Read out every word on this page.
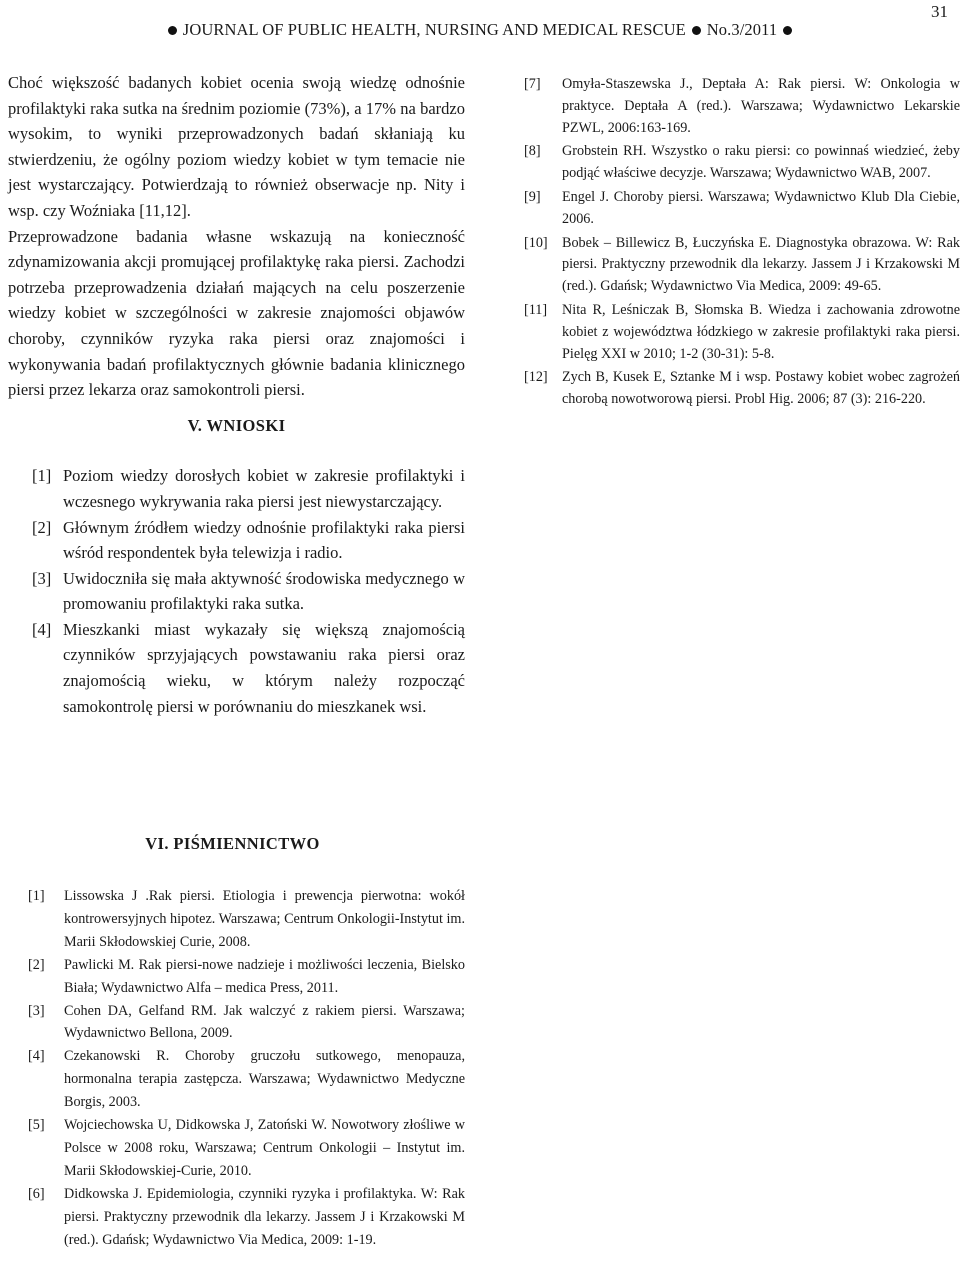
31
JOURNAL OF PUBLIC HEALTH, NURSING AND MEDICAL RESCUE No.3/2011

Choć większość badanych kobiet ocenia swoją wiedzę odnośnie profilaktyki raka sutka na średnim poziomie (73%), a 17% na bardzo wysokim, to wyniki przeprowadzonych badań skłaniają ku stwierdzeniu, że ogólny poziom wiedzy kobiet w tym temacie nie jest wystarczający. Potwierdzają to również obserwacje np. Nity i wsp. czy Woźniaka [11,12].

Przeprowadzone badania własne wskazują na konieczność zdynamizowania akcji promującej profilaktykę raka piersi. Zachodzi potrzeba przeprowadzenia działań mających na celu poszerzenie wiedzy kobiet w szczególności w zakresie znajomości objawów choroby, czynników ryzyka raka piersi oraz znajomości i wykonywania badań profilaktycznych głównie badania klinicznego piersi przez lekarza oraz samokontroli piersi.

V. WNIOSKI
[1] Poziom wiedzy dorosłych kobiet w zakresie profilaktyki i wczesnego wykrywania raka piersi jest niewystarczający.
[2] Głównym źródłem wiedzy odnośnie profilaktyki raka piersi wśród respondentek była telewizja i radio.
[3] Uwidoczniła się mała aktywność środowiska medycznego w promowaniu profilaktyki raka sutka.
[4] Mieszkanki miast wykazały się większą znajomością czynników sprzyjających powstawaniu raka piersi oraz znajomością wieku, w którym należy rozpocząć samokontrolę piersi w porównaniu do mieszkanek wsi.
VI. PIŚMIENNICTWO
[1] Lissowska J .Rak piersi. Etiologia i prewencja pierwotna: wokół kontrowersyjnych hipotez. Warszawa; Centrum Onkologii-Instytut im. Marii Skłodowskiej Curie, 2008.
[2] Pawlicki M. Rak piersi-nowe nadzieje i możliwości leczenia, Bielsko Biała; Wydawnictwo Alfa – medica Press, 2011.
[3] Cohen DA, Gelfand RM. Jak walczyć z rakiem piersi. Warszawa; Wydawnictwo Bellona, 2009.
[4] Czekanowski R. Choroby gruczołu sutkowego, menopauza, hormonalna terapia zastępcza. Warszawa; Wydawnictwo Medyczne Borgis, 2003.
[5] Wojciechowska U, Didkowska J, Zatoński W. Nowotwory złośliwe w Polsce w 2008 roku, Warszawa; Centrum Onkologii – Instytut im. Marii Skłodowskiej-Curie, 2010.
[6] Didkowska J. Epidemiologia, czynniki ryzyka i profilaktyka. W: Rak piersi. Praktyczny przewodnik dla lekarzy. Jassem J i Krzakowski M (red.). Gdańsk; Wydawnictwo Via Medica, 2009: 1-19.
[7] Omyła-Staszewska J., Deptała A: Rak piersi. W: Onkologia w praktyce. Deptała A (red.). Warszawa; Wydawnictwo Lekarskie PZWL, 2006:163-169.
[8] Grobstein RH. Wszystko o raku piersi: co powinnaś wiedzieć, żeby podjąć właściwe decyzje. Warszawa; Wydawnictwo WAB, 2007.
[9] Engel J. Choroby piersi. Warszawa; Wydawnictwo Klub Dla Ciebie, 2006.
[10] Bobek – Billewicz B, Łuczyńska E. Diagnostyka obrazowa. W: Rak piersi. Praktyczny przewodnik dla lekarzy. Jassem J i Krzakowski M (red.). Gdańsk; Wydawnictwo Via Medica, 2009: 49-65.
[11] Nita R, Leśniczak B, Słomska B. Wiedza i zachowania zdrowotne kobiet z województwa łódzkiego w zakresie profilaktyki raka piersi. Pielęg XXI w 2010; 1-2 (30-31): 5-8.
[12] Zych B, Kusek E, Sztanke M i wsp. Postawy kobiet wobec zagrożeń chorobą nowotworową piersi. Probl Hig. 2006; 87 (3): 216-220.
